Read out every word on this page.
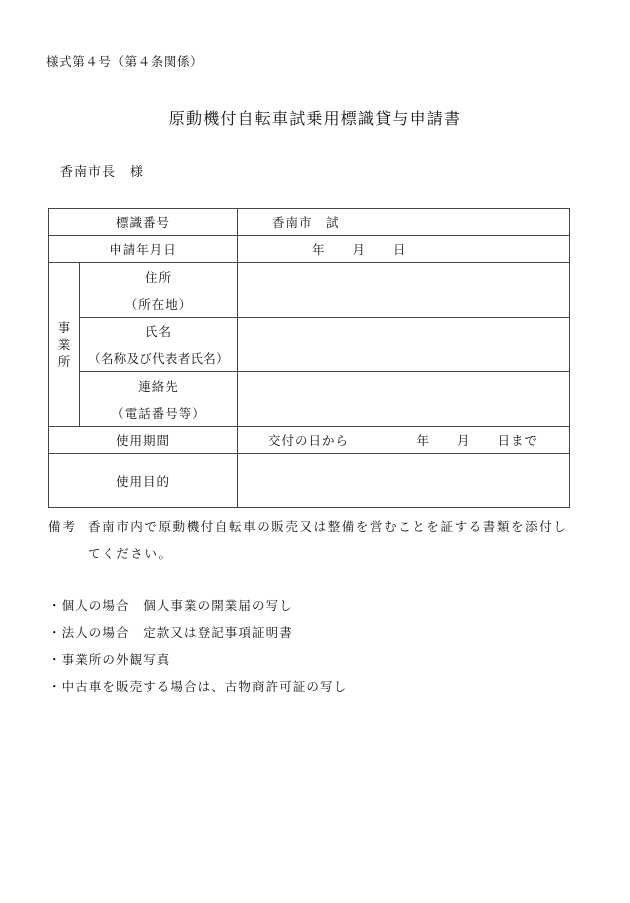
様式第４号（第４条関係）
原動機付自転車試乗用標識貸与申請書
香南市長　様
標識番号		香南市　試
申請年月日		年　　月　　日

事業所	住所
（所在地）	

	氏名
（名称及び代表者氏名）	

	連絡先
（電話番号等）	

使用期間		交付の日から　　　　　年　　月　　日まで
使用目的		
備考 香南市内で原動機付自転車の販売又は整備を営むことを証する書類を添付してください。
・個人の場合　個人事業の開業届の写し
・法人の場合　定款又は登記事項証明書
・事業所の外観写真
・中古車を販売する場合は、古物商許可証の写し
